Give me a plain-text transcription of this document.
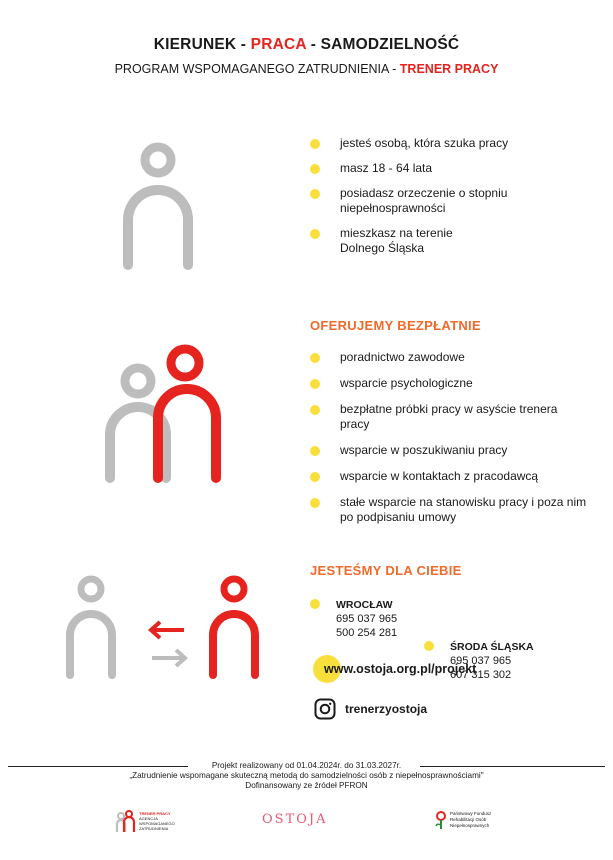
KIERUNEK - PRACA - SAMODZIELNOŚĆ
PROGRAM WSPOMAGANEGO ZATRUDNIENIA - TRENER PRACY
jesteś osobą, która szuka pracy
masz 18 - 64 lata
posiadasz orzeczenie o stopniu niepełnosprawności
mieszkasz na terenie Dolnego Śląska
OFERUJEMY BEZPŁATNIE
poradnictwo zawodowe
wsparcie psychologiczne
bezpłatne próbki pracy w asyście trenera pracy
wsparcie w poszukiwaniu pracy
wsparcie w kontaktach z pracodawcą
stałe wsparcie na stanowisku pracy i poza nim po podpisaniu umowy
JESTEŚMY DLA CIEBIE
WROCŁAW
695 037 965
500 254 281
ŚRODA ŚLĄSKA
695 037 965
607 315 302
www.ostoja.org.pl/projekt
trenerzyostoja
Projekt realizowany od 01.04.2024r. do 31.03.2027r.
„Zatrudnienie wspomagane skuteczną metodą do samodzielności osób z niepełnosprawnościami"
Dofinansowany ze źródeł PFRON
TRENER PRACY
AGENCJA
WSPOMAGANEGO
ZATRUDNIENIA
OSTOJA	Państwowy Fundusz
Rehabilitacji Osób
Niepełnosprawnych
